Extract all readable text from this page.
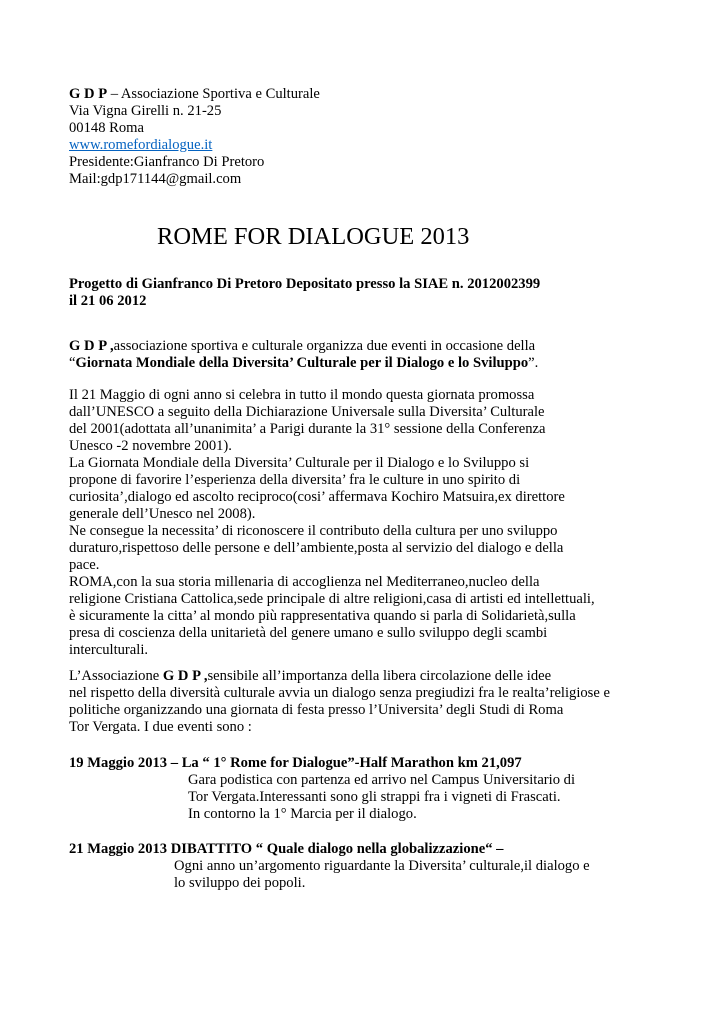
G D P – Associazione Sportiva e Culturale
Via Vigna Girelli n. 21-25
00148 Roma
www.romefordialogue.it
Presidente:Gianfranco Di Pretoro
Mail:gdp171144@gmail.com
ROME FOR DIALOGUE 2013
Progetto di Gianfranco Di Pretoro Depositato presso la SIAE n. 2012002399
il 21 06 2012
G D P ,associazione sportiva e culturale organizza due eventi in occasione della
“Giornata Mondiale della Diversita’ Culturale per il Dialogo e lo Sviluppo”.
Il 21 Maggio di ogni anno si celebra in tutto il mondo questa giornata promossa
dall’UNESCO a seguito della Dichiarazione Universale sulla Diversita’ Culturale
del 2001(adottata all’unanimita’ a Parigi durante la 31° sessione della Conferenza
Unesco -2 novembre 2001).
La Giornata Mondiale della Diversita’ Culturale per il Dialogo e lo Sviluppo si
propone di favorire l’esperienza della diversita’ fra le culture in uno spirito di
curiosita’,dialogo ed ascolto reciproco(cosi’ affermava Kochiro Matsuira,ex direttore
generale dell’Unesco nel 2008).
Ne consegue la necessita’ di riconoscere il contributo della cultura per uno sviluppo
duraturo,rispettoso delle persone e dell’ambiente,posta al servizio del dialogo e della
pace.
ROMA,con la sua storia millenaria di accoglienza nel Mediterraneo,nucleo della
religione Cristiana Cattolica,sede principale di altre religioni,casa di artisti ed intellettuali,
è sicuramente la citta’ al mondo più rappresentativa quando si parla di Solidarietà,sulla
presa di coscienza della unitarietà del genere umano e sullo sviluppo degli scambi
interculturali.
L’Associazione G D P ,sensibile all’importanza della libera circolazione delle idee
nel rispetto della diversità culturale avvia un dialogo senza pregiudizi fra le realta’religiose e
politiche organizzando una giornata di festa presso l’Universita’ degli Studi di Roma
Tor Vergata. I due eventi sono :
19 Maggio 2013 – La “ 1° Rome for Dialogue”-Half Marathon km 21,097
Gara podistica con partenza ed arrivo nel Campus Universitario di
Tor Vergata.Interessanti sono gli strappi fra i vigneti di Frascati.
In contorno la 1° Marcia per il dialogo.
21 Maggio 2013 DIBATTITO “ Quale dialogo nella globalizzazione“ –
Ogni anno un’argomento riguardante la Diversita’ culturale,il dialogo e
lo sviluppo dei popoli.
